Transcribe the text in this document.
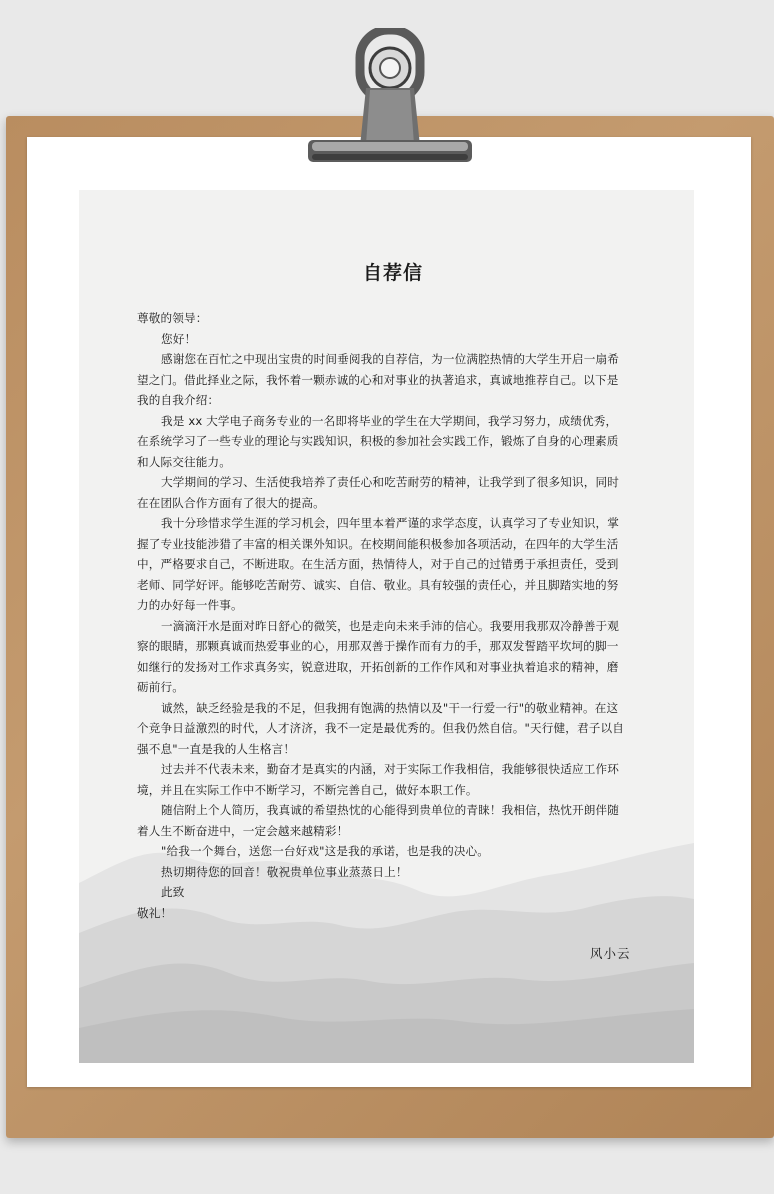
自荐信

尊敬的领导：

您好！

感谢您在百忙之中现出宝贵的时间垂阅我的自荐信，为一位满腔热情的大学生开启一扇希

望之门。借此择业之际，我怀着一颗赤诚的心和对事业的执著追求，真诚地推荐自己。以下是

我的自我介绍：

我是 xx 大学电子商务专业的一名即将毕业的学生在大学期间，我学习努力，成绩优秀，

在系统学习了一些专业的理论与实践知识，积极的参加社会实践工作，锻炼了自身的心理素质

和人际交往能力。

大学期间的学习、生活使我培养了责任心和吃苦耐劳的精神，让我学到了很多知识，同时

在在团队合作方面有了很大的提高。

我十分珍惜求学生涯的学习机会，四年里本着严谨的求学态度，认真学习了专业知识，掌

握了专业技能涉猎了丰富的相关课外知识。在校期间能积极参加各项活动，在四年的大学生活

中，严格要求自己，不断进取。在生活方面，热情待人，对于自己的过错勇于承担责任，受到

老师、同学好评。能够吃苦耐劳、诚实、自信、敬业。具有较强的责任心，并且脚踏实地的努

力的办好每一件事。

一滴滴汗水是面对昨日舒心的微笑，也是走向未来手沛的信心。我要用我那双冷静善于观

察的眼睛，那颗真诚而热爱事业的心，用那双善于操作而有力的手，那双发誓踏平坎坷的脚一

如继行的发扬对工作求真务实，锐意进取，开拓创新的工作作风和对事业执着追求的精神，磨

砺前行。

诚然，缺乏经验是我的不足，但我拥有饱满的热情以及"干一行爱一行"的敬业精神。在这

个竞争日益激烈的时代，人才济济，我不一定是最优秀的。但我仍然自信。"天行健，君子以自

强不息"一直是我的人生格言！

过去并不代表未来，勤奋才是真实的内涵，对于实际工作我相信，我能够很快适应工作环

境，并且在实际工作中不断学习，不断完善自己，做好本职工作。

随信附上个人简历，我真诚的希望热忱的心能得到贵单位的青睐！我相信，热忱开朗伴随

着人生不断奋进中，一定会越来越精彩！

"给我一个舞台，送您一台好戏"这是我的承诺，也是我的决心。

热切期待您的回音！敬祝贵单位事业蒸蒸日上！

此致

敬礼！

风小云
